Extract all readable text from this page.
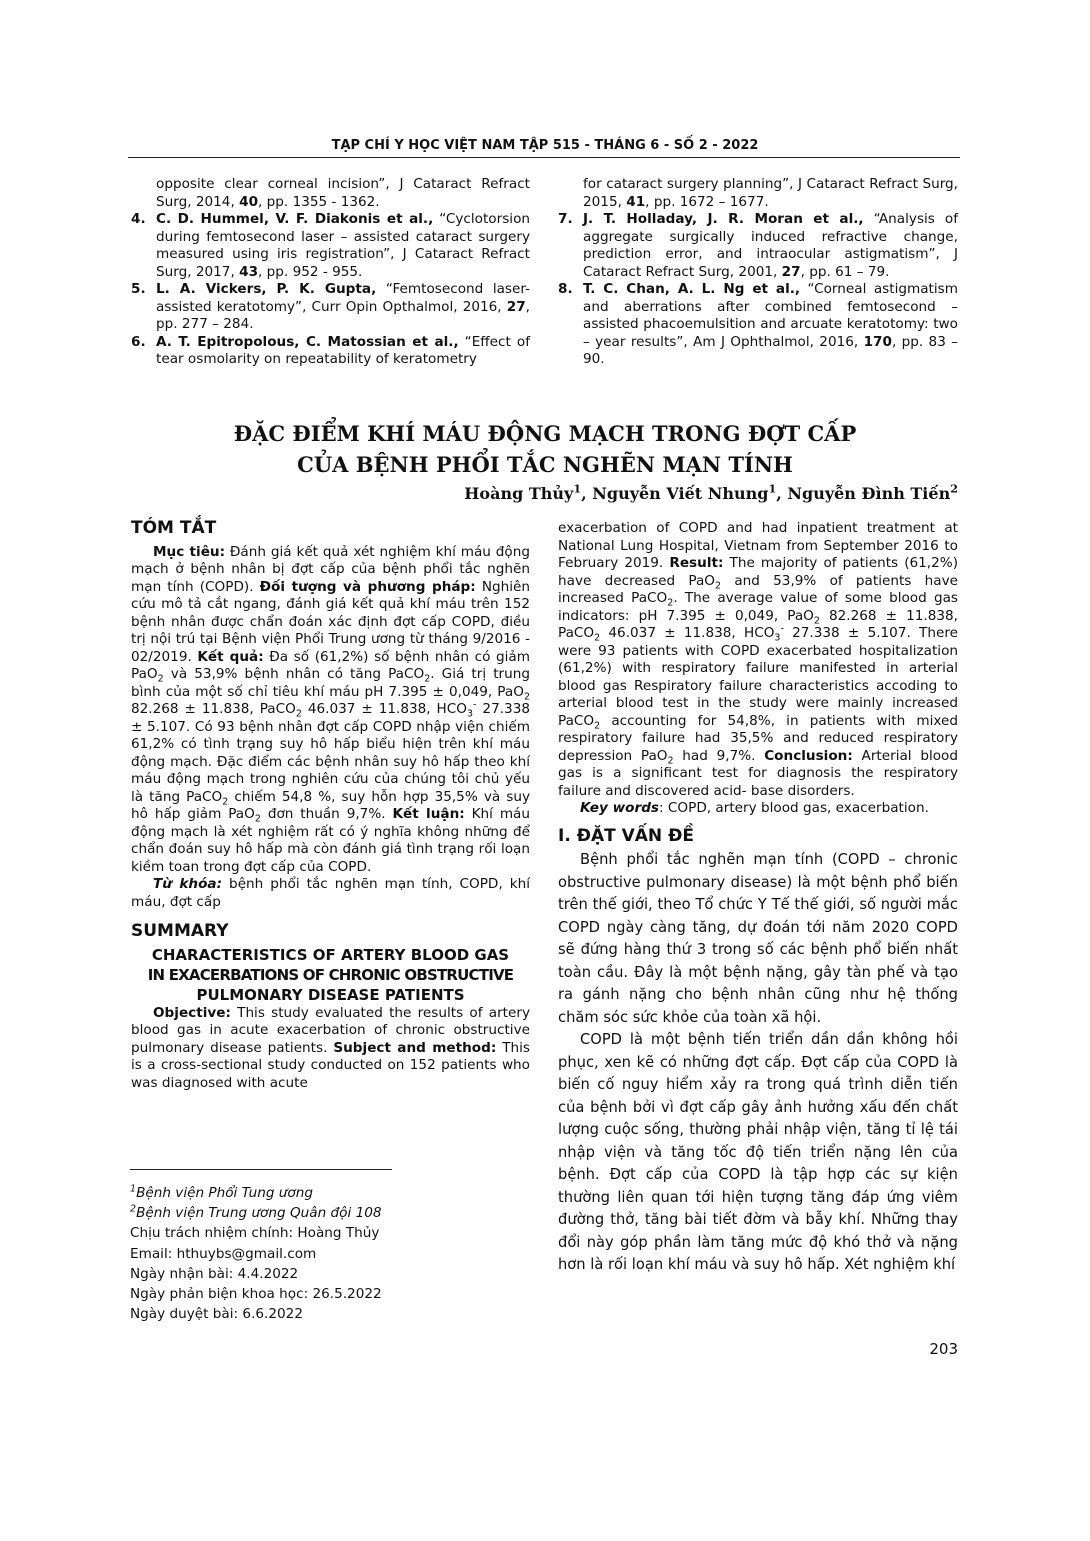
TẠP CHÍ Y HỌC VIỆT NAM TẬP 515 - THÁNG 6 - SỐ 2 - 2022

opposite clear corneal incision”, J Cataract Refract Surg, 2014, 40, pp. 1355 - 1362.

4. C. D. Hummel, V. F. Diakonis et al., “Cyclotorsion during femtosecond laser – assisted cataract surgery measured using iris registration”, J Cataract Refract Surg, 2017, 43, pp. 952 - 955.

5. L. A. Vickers, P. K. Gupta, “Femtosecond laser-assisted keratotomy”, Curr Opin Opthalmol, 2016, 27, pp. 277 – 284.

6. A. T. Epitropolous, C. Matossian et al., “Effect of tear osmolarity on repeatability of keratometry

for cataract surgery planning”, J Cataract Refract Surg, 2015, 41, pp. 1672 – 1677.

7. J. T. Holladay, J. R. Moran et al., “Analysis of aggregate surgically induced refractive change, prediction error, and intraocular astigmatism”, J Cataract Refract Surg, 2001, 27, pp. 61 – 79.

8. T. C. Chan, A. L. Ng et al., “Corneal astigmatism and aberrations after combined femtosecond – assisted phacoemulsition and arcuate keratotomy: two – year results”, Am J Ophthalmol, 2016, 170, pp. 83 – 90.

ĐẶC ĐIỂM KHÍ MÁU ĐỘNG MẠCH TRONG ĐỢT CẤP
CỦA BỆNH PHỔI TẮC NGHẼN MẠN TÍNH
Hoàng Thủy$^1$, Nguyễn Viết Nhung$^1$, Nguyễn Đình Tiến$^2$
TÓM TẮT

Mục tiêu: Đánh giá kết quả xét nghiệm khí máu động mạch ở bệnh nhân bị đợt cấp của bệnh phổi tắc nghẽn mạn tính (COPD). Đối tượng và phương pháp: Nghiên cứu mô tả cắt ngang, đánh giá kết quả khí máu trên 152 bệnh nhân được chẩn đoán xác định đợt cấp COPD, điều trị nội trú tại Bệnh viện Phổi Trung ương từ tháng 9/2016 - 02/2019. Kết quả: Đa số (61,2%) số bệnh nhân có giảm PaO$_2$ và 53,9% bệnh nhân có tăng PaCO$_2$. Giá trị trung bình của một số chỉ tiêu khí máu pH 7.395 ± 0,049, PaO$_2$ 82.268 ± 11.838, PaCO$_2$ 46.037 ± 11.838, $HCO_3^-$ 27.338 ± 5.107. Có 93 bệnh nhân đợt cấp COPD nhập viện chiếm 61,2% có tình trạng suy hô hấp biểu hiện trên khí máu động mạch. Đặc điểm các bệnh nhân suy hô hấp theo khí máu động mạch trong nghiên cứu của chúng tôi chủ yếu là tăng PaCO$_2$ chiếm 54,8 %, suy hỗn hợp 35,5% và suy hô hấp giảm PaO$_2$ đơn thuần 9,7%. Kết luận: Khí máu động mạch là xét nghiệm rất có ý nghĩa không những để chẩn đoán suy hô hấp mà còn đánh giá tình trạng rối loạn kiềm toan trong đợt cấp của COPD.

Từ khóa: bệnh phổi tắc nghẽn mạn tính, COPD, khí máu, đợt cấp

SUMMARY
CHARACTERISTICS OF ARTERY BLOOD GAS
IN EXACERBATIONS OF CHRONIC OBSTRUCTIVE
PULMONARY DISEASE PATIENTS

Objective: This study evaluated the results of artery blood gas in acute exacerbation of chronic obstructive pulmonary disease patients. Subject and method: This is a cross-sectional study conducted on 152 patients who was diagnosed with acute

exacerbation of COPD and had inpatient treatment at National Lung Hospital, Vietnam from September 2016 to February 2019. Result: The majority of patients (61,2%) have decreased PaO$_2$ and 53,9% of patients have increased PaCO$_2$. The average value of some blood gas indicators: pH 7.395 ± 0,049, PaO$_2$ 82.268 ± 11.838, PaCO$_2$ 46.037 ± 11.838, $HCO_3^-$ 27.338 ± 5.107. There were 93 patients with COPD exacerbated hospitalization (61,2%) with respiratory failure manifested in arterial blood gas Respiratory failure characteristics accoding to arterial blood test in the study were mainly increased PaCO$_2$ accounting for 54,8%, in patients with mixed respiratory failure had 35,5% and reduced respiratory depression PaO$_2$ had 9,7%. Conclusion: Arterial blood gas is a significant test for diagnosis the respiratory failure and discovered acid- base disorders.

Key words: COPD, artery blood gas, exacerbation.

I. ĐẶT VẤN ĐỀ

Bệnh phổi tắc nghẽn mạn tính (COPD – chronic obstructive pulmonary disease) là một bệnh phổ biến trên thế giới, theo Tổ chức Y Tế thế giới, số người mắc COPD ngày càng tăng, dự đoán tới năm 2020 COPD sẽ đứng hàng thứ 3 trong số các bệnh phổ biến nhất toàn cầu. Đây là một bệnh nặng, gây tàn phế và tạo ra gánh nặng cho bệnh nhân cũng như hệ thống chăm sóc sức khỏe của toàn xã hội.

COPD là một bệnh tiến triển dần dần không hồi phục, xen kẽ có những đợt cấp. Đợt cấp của COPD là biến cố nguy hiểm xảy ra trong quá trình diễn tiến của bệnh bởi vì đợt cấp gây ảnh hưởng xấu đến chất lượng cuộc sống, thường phải nhập viện, tăng tỉ lệ tái nhập viện và tăng tốc độ tiến triển nặng lên của bệnh. Đợt cấp của COPD là tập hợp các sự kiện thường liên quan tới hiện tượng tăng đáp ứng viêm đường thở, tăng bài tiết đờm và bẫy khí. Những thay đổi này góp phần làm tăng mức độ khó thở và nặng hơn là rối loạn khí máu và suy hô hấp. Xét nghiệm khí

$^1$Bệnh viện Phổi Tung ương
$^2$Bệnh viện Trung ương Quân đội 108
Chịu trách nhiệm chính: Hoàng Thủy
Email: hthuybs@gmail.com
Ngày nhận bài: 4.4.2022
Ngày phản biện khoa học: 26.5.2022
Ngày duyệt bài: 6.6.2022
203
